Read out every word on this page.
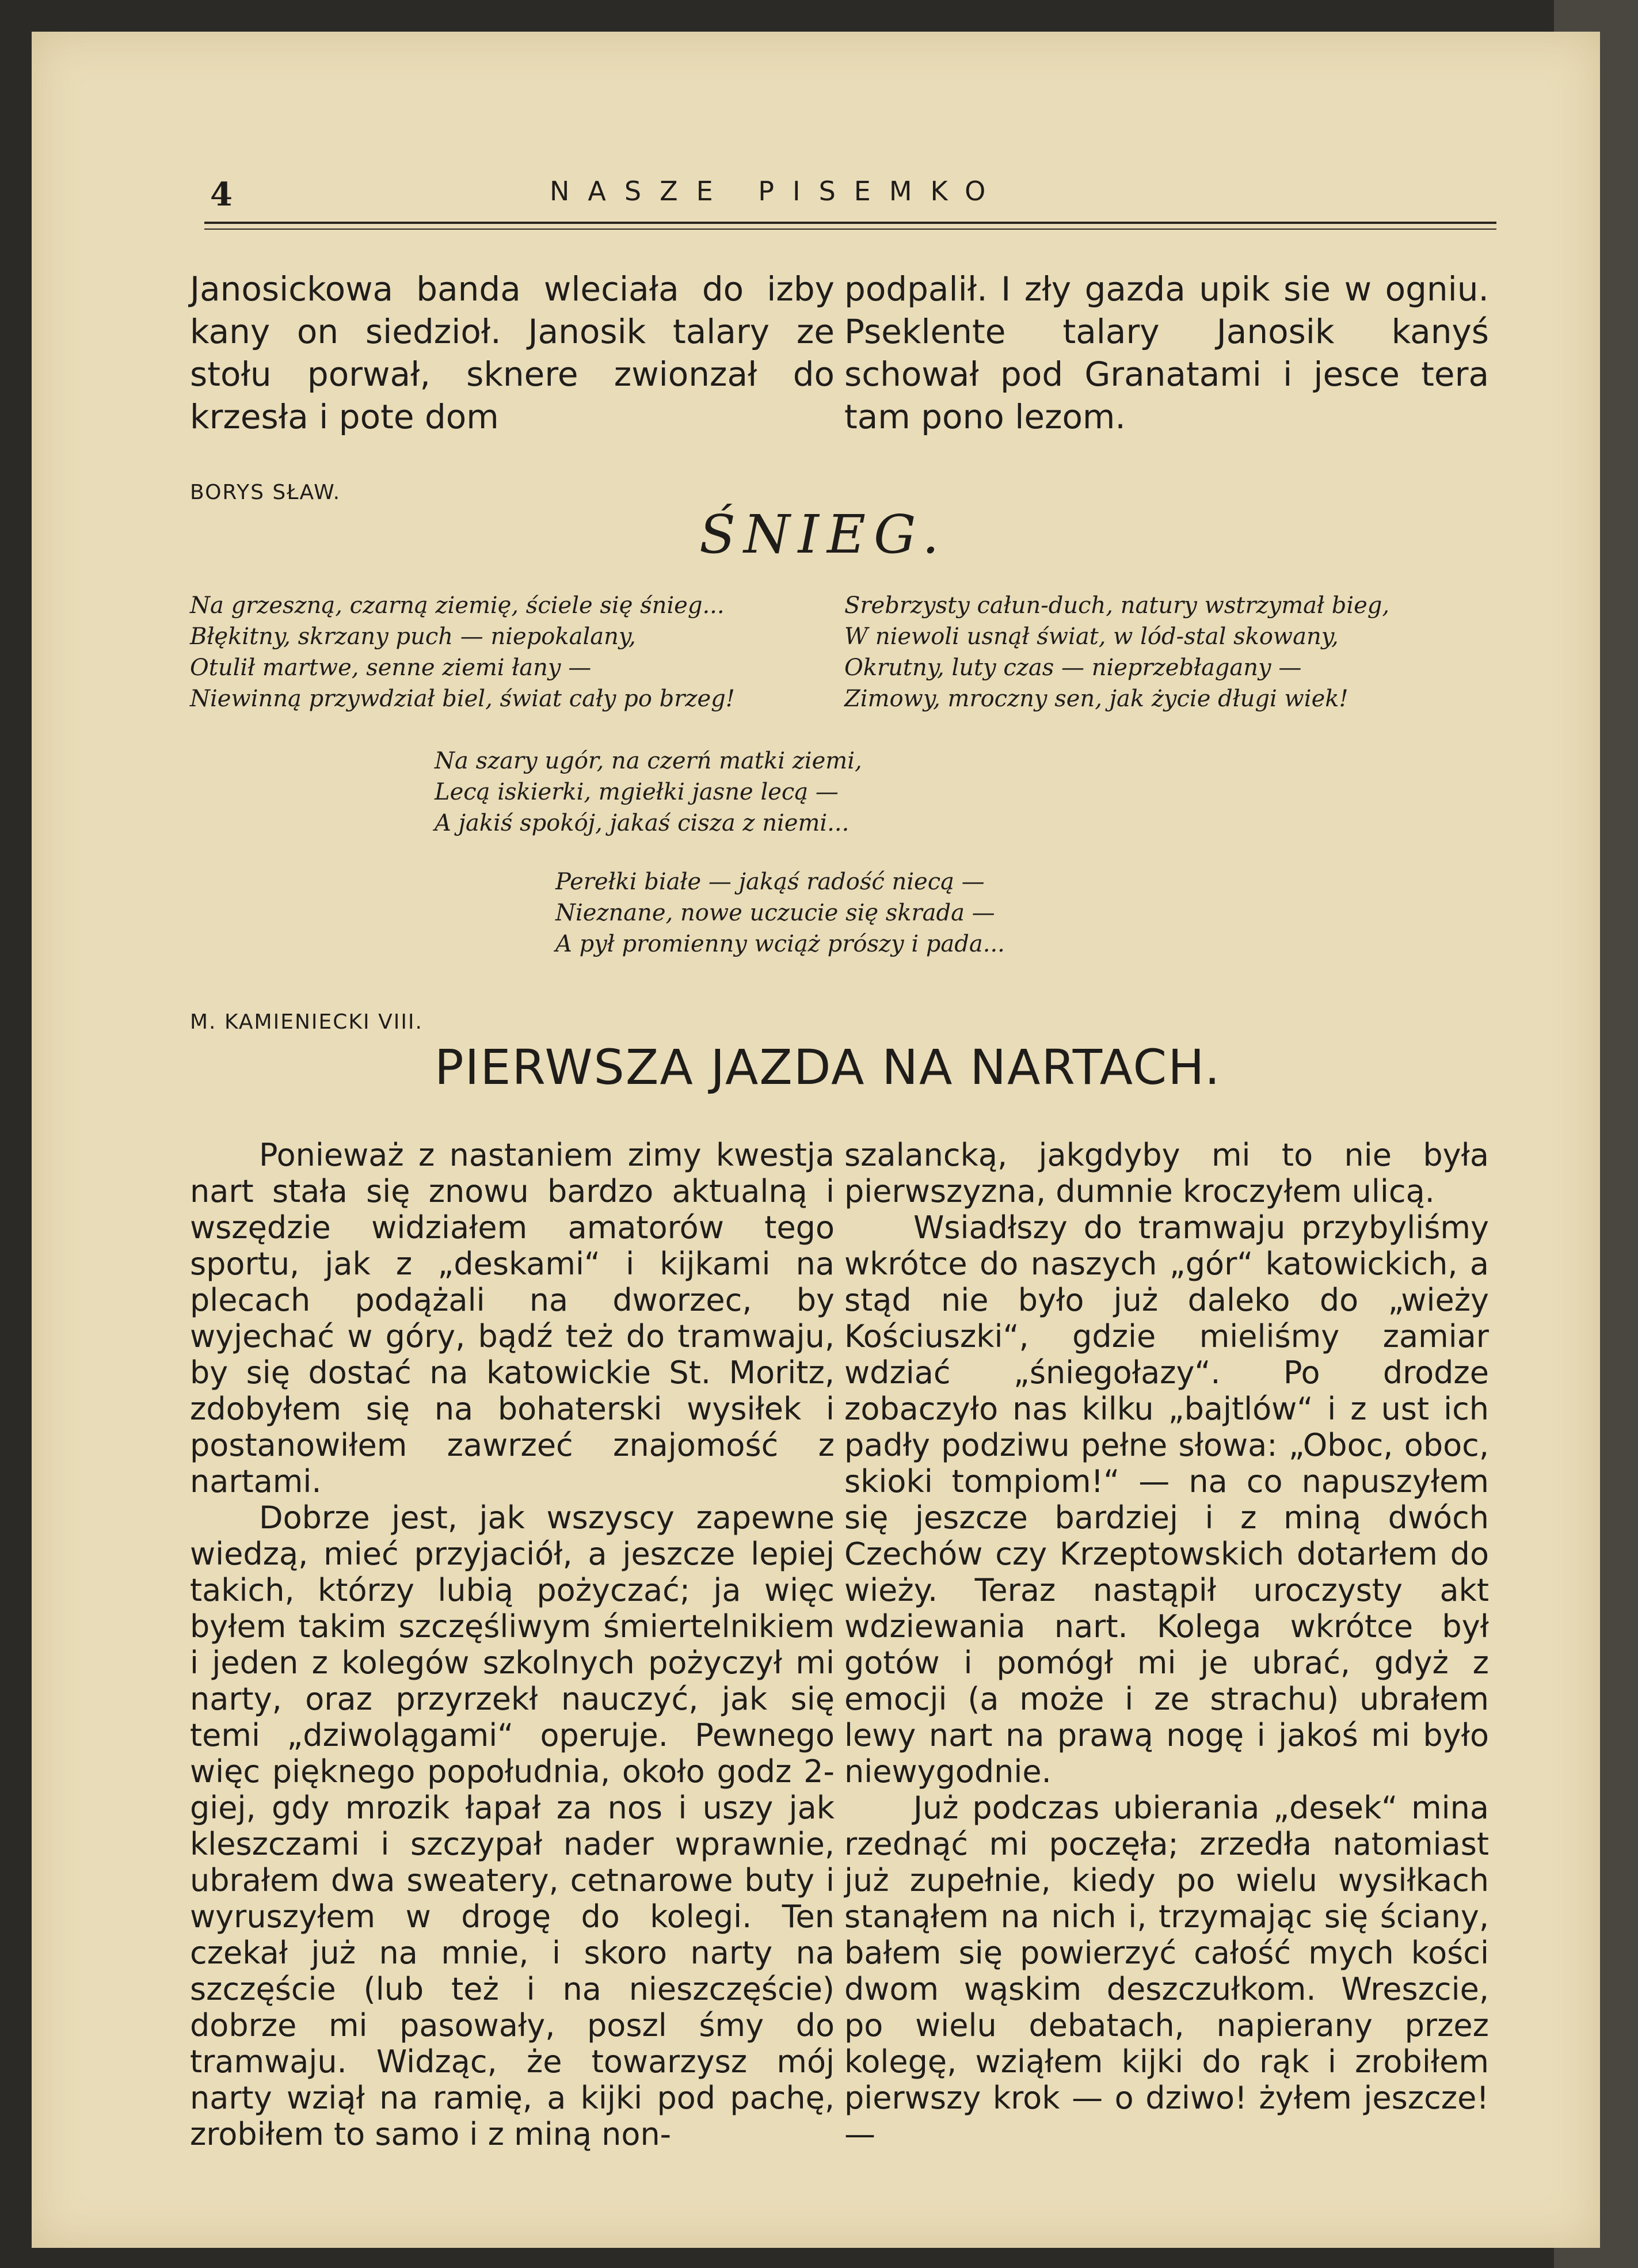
4	NASZE PISEMKO

Janosickowa banda wleciała do izby kany on siedzioł. Janosik talary ze stołu porwał, sknere zwionzał do krzesła i pote dom

podpalił. I zły gazda upik sie w ogniu. Pseklente talary Janosik kanyś schował pod Granatami i jesce tera tam pono lezom.

BORYS SŁAW.
ŚNIEG.
Na grzeszną, czarną ziemię, ściele się śnieg...
Błękitny, skrzany puch — niepokalany,
Otulił martwe, senne ziemi łany —
Niewinną przywdział biel, świat cały po brzeg!
Srebrzysty całun-duch, natury wstrzymał bieg,
W niewoli usnął świat, w lód-stal skowany,
Okrutny, luty czas — nieprzebłagany —
Zimowy, mroczny sen, jak życie długi wiek!
Na szary ugór, na czerń matki ziemi,
Lecą iskierki, mgiełki jasne lecą —
A jakiś spokój, jakaś cisza z niemi...
Perełki białe — jakąś radość niecą —
Nieznane, nowe uczucie się skrada —
A pył promienny wciąż prószy i pada...
M. KAMIENIECKI VIII.
PIERWSZA JAZDA NA NARTACH.

Ponieważ z nastaniem zimy kwestja nart stała się znowu bardzo aktualną i wszędzie widziałem amatorów tego sportu, jak z „deskami“ i kijkami na plecach podążali na dworzec, by wyjechać w góry, bądź też do tramwaju, by się dostać na katowickie St. Moritz, zdobyłem się na bohaterski wysiłek i postanowiłem zawrzeć znajomość z nartami.

Dobrze jest, jak wszyscy zapewne wiedzą, mieć przyjaciół, a jeszcze lepiej takich, którzy lubią pożyczać; ja więc byłem takim szczęśliwym śmiertelnikiem i jeden z kolegów szkolnych pożyczył mi narty, oraz przyrzekł nauczyć, jak się temi „dziwolągami“ operuje. Pewnego więc pięknego popołudnia, około godz 2-giej, gdy mrozik łapał za nos i uszy jak kleszczami i szczypał nader wprawnie, ubrałem dwa sweatery, cetnarowe buty i wyruszyłem w drogę do kolegi. Ten czekał już na mnie, i skoro narty na szczęście (lub też i na nieszczęście) dobrze mi pasowały, poszl śmy do tramwaju. Widząc, że towarzysz mój narty wziął na ramię, a kijki pod pachę, zrobiłem to samo i z miną non-

szalancką, jakgdyby mi to nie była pierwszyzna, dumnie kroczyłem ulicą.

Wsiadłszy do tramwaju przybyliśmy wkrótce do naszych „gór“ katowickich, a stąd nie było już daleko do „wieży Kościuszki“, gdzie mieliśmy zamiar wdziać „śniegołazy“. Po drodze zobaczyło nas kilku „bajtlów“ i z ust ich padły podziwu pełne słowa: „Oboc, oboc, skioki tompiom!“ — na co napuszyłem się jeszcze bardziej i z miną dwóch Czechów czy Krzeptowskich dotarłem do wieży. Teraz nastąpił uroczysty akt wdziewania nart. Kolega wkrótce był gotów i pomógł mi je ubrać, gdyż z emocji (a może i ze strachu) ubrałem lewy nart na prawą nogę i jakoś mi było niewygodnie.

Już podczas ubierania „desek“ mina rzednąć mi poczęła; zrzedła natomiast już zupełnie, kiedy po wielu wysiłkach stanąłem na nich i, trzymając się ściany, bałem się powierzyć całość mych kości dwom wąskim deszczułkom. Wreszcie, po wielu debatach, napierany przez kolegę, wziąłem kijki do rąk i zrobiłem pierwszy krok — o dziwo! żyłem jeszcze! —
